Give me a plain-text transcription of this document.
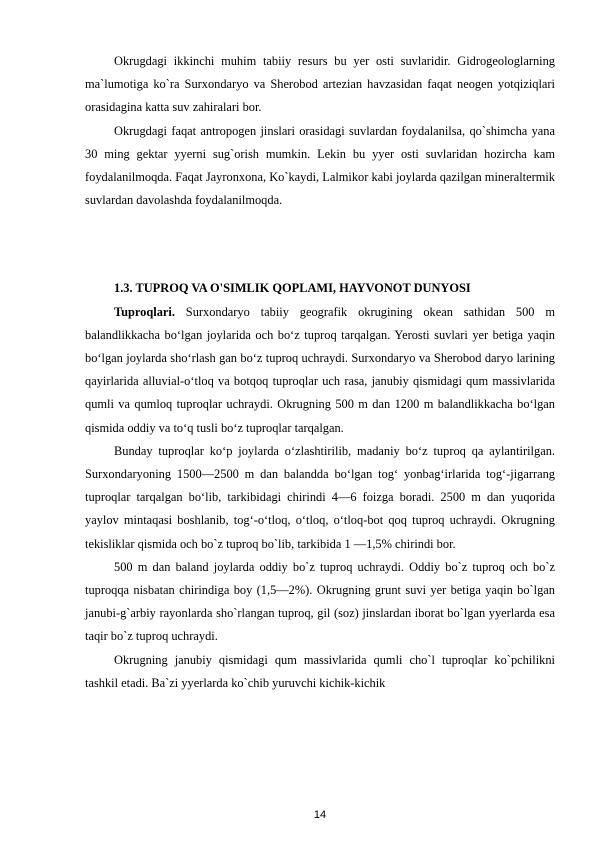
Okrugdagi ikkinchi muhim tabiiy resurs bu yer osti suvlaridir. Gidrogeologlarning ma`lumotiga ko`ra Surxondaryo va Sherobod artezian havzasidan faqat neogen yotqiziqlari orasidagina katta suv zahiralari bor.

Okrugdagi faqat antropogen jinslari orasidagi suvlardan foydalanilsa, qo`shimcha yana 30 ming gektar yyerni sug`orish mumkin. Lekin bu yyer osti suvlaridan hozircha kam foydalanilmoqda. Faqat Jayronxona, Ko`kaydi, Lalmikor kabi joylarda qazilgan mineraltermik suvlardan davolashda foydalanilmoqda.

1.3. TUPROQ VA O'SIMLIK QOPLAMI, HAYVONOT DUNYOSI

Tuproqlari. Surxondaryo tabiiy geografik okrugining okean sathidan 500 m balandlikkacha bo‘lgan joylarida och bo‘z tuproq tarqalgan. Yerosti suvlari yer betiga yaqin bo‘lgan joylarda sho‘rlash gan bo‘z tuproq uchraydi. Surxondaryo va Sherobod daryo larining qayirlarida alluvial-o‘tloq va botqoq tuproqlar uch rasa, janubiy qismidagi qum massivlarida qumli va qumloq tuproqlar uchraydi. Okrugning 500 m dan 1200 m balandlikkacha bo‘lgan qismida oddiy va to‘q tusli bo‘z tuproqlar tarqalgan.

Bunday tuproqlar ko‘p joylarda o‘zlashtirilib, madaniy bo‘z tuproq qa aylantirilgan. Surxondaryoning 1500—2500 m dan balandda bo‘lgan tog‘ yonbag‘irlarida tog‘-jigarrang tuproqlar tarqalgan bo‘lib, tarkibidagi chirindi 4—6 foizga boradi. 2500 m dan yuqorida yaylov mintaqasi boshlanib, tog‘-o‘tloq, o‘tloq, o‘tloq-bot qoq tuproq uchraydi. Okrugning tekisliklar qismida och bo`z tuproq bo`lib, tarkibida 1 —1,5% chirindi bor.

500 m dan baland joylarda oddiy bo`z tuproq uchraydi. Oddiy bo`z tuproq och bo`z tuproqqa nisbatan chirindiga boy (1,5—2%). Okrugning grunt suvi yer betiga yaqin bo`lgan janubi-g`arbiy rayonlarda sho`rlangan tuproq, gil (soz) jinslardan iborat bo`lgan yyerlarda esa taqir bo`z tuproq uchraydi.

Okrugning janubiy qismidagi qum massivlarida qumli cho`l tuproqlar ko`pchilikni tashkil etadi. Ba`zi yyerlarda ko`chib yuruvchi kichik-kichik

14
